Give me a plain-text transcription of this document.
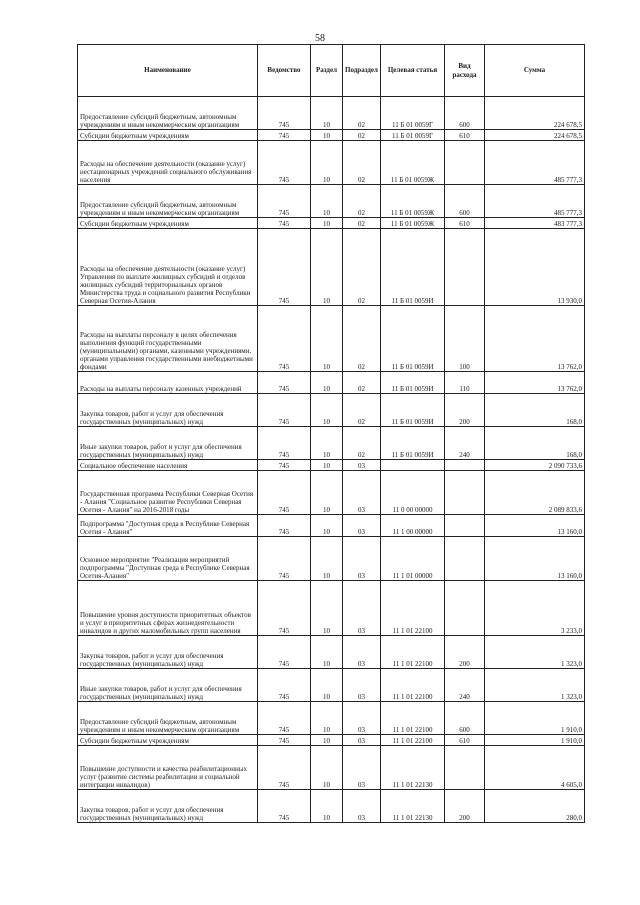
58
Наименование	Ведомство	Раздел	Подраздел	Целевая статья	Вид расхода	Сумма
Предоставление субсидий бюджетным, автономным учреждениям и иным некоммерческим организациям	745	10	02	11 Б 01 0059Г	600	224 678,5
Субсидии бюджетным учреждениям	745	10	02	11 Б 01 0059Г	610	224 678,5
Расходы на обеспечение деятельности (оказание услуг) нестационарных учреждений социального обслуживания населения	745	10	02	11 Б 01 0059Ж		485 777,3
Предоставление субсидий бюджетным, автономным учреждениям и иным некоммерческим организациям	745	10	02	11 Б 01 0059Ж	600	485 777,3
Субсидии бюджетным учреждениям	745	10	02	11 Б 01 0059Ж	610	483 777,3
Расходы на обеспечение деятельности (оказание услуг) Управления по выплате жилищных субсидий и отделов жилищных субсидий территориальных органов Министерства труда и социального развития Республики Северная Осетия-Алания	745	10	02	11 Б 01 0059И		13 930,0
Расходы на выплаты персоналу в целях обеспечения выполнения функций государственными (муниципальными) органами, казенными учреждениями, органами управления государственными внебюджетными фондами	745	10	02	11 Б 01 0059И	100	13 762,0
Расходы на выплаты персоналу казенных учреждений	745	10	02	11 Б 01 0059И	110	13 762,0
Закупка товаров, работ и услуг для обеспечения государственных (муниципальных) нужд	745	10	02	11 Б 01 0059И	200	168,0
Иные закупки товаров, работ и услуг для обеспечения государственных (муниципальных) нужд	745	10	02	11 Б 01 0059И	240	168,0
Социальное обеспечение населения	745	10	03			2 090 733,6
Государственная программа Республики Северная Осетия - Алания "Социальное развитие Республики Северная Осетия - Алания" на 2016-2018 годы	745	10	03	11 0 00 00000		2 089 833,6
Подпрограмма "Доступная среда в Республике Северная Осетия - Алания"	745	10	03	11 1 00 00000		13 160,0
Основное мероприятие "Реализация мероприятий подпрограммы "Доступная среда в Республике Северная Осетия-Алания"	745	10	03	11 1 01 00000		13 160,0
Повышение уровня доступности приоритетных объектов и услуг в приоритетных сферах жизнедеятельности инвалидов и других маломобильных групп населения	745	10	03	11 1 01 22100		3 233,0
Закупка товаров, работ и услуг для обеспечения государственных (муниципальных) нужд	745	10	03	11 1 01 22100	200	1 323,0
Иные закупки товаров, работ и услуг для обеспечения государственных (муниципальных) нужд	745	10	03	11 1 01 22100	240	1 323,0
Предоставление субсидий бюджетным, автономным учреждениям и иным некоммерческим организациям	745	10	03	11 1 01 22100	600	1 910,0
Субсидии бюджетным учреждениям	745	10	03	11 1 01 22100	610	1 910,0
Повышение доступности и качества реабилитационных услуг (развитие системы реабилитации и социальной интеграции инвалидов)	745	10	03	11 1 01 22130		4 605,0
Закупка товаров, работ и услуг для обеспечения государственных (муниципальных) нужд	745	10	03	11 1 01 22130	200	280,0
